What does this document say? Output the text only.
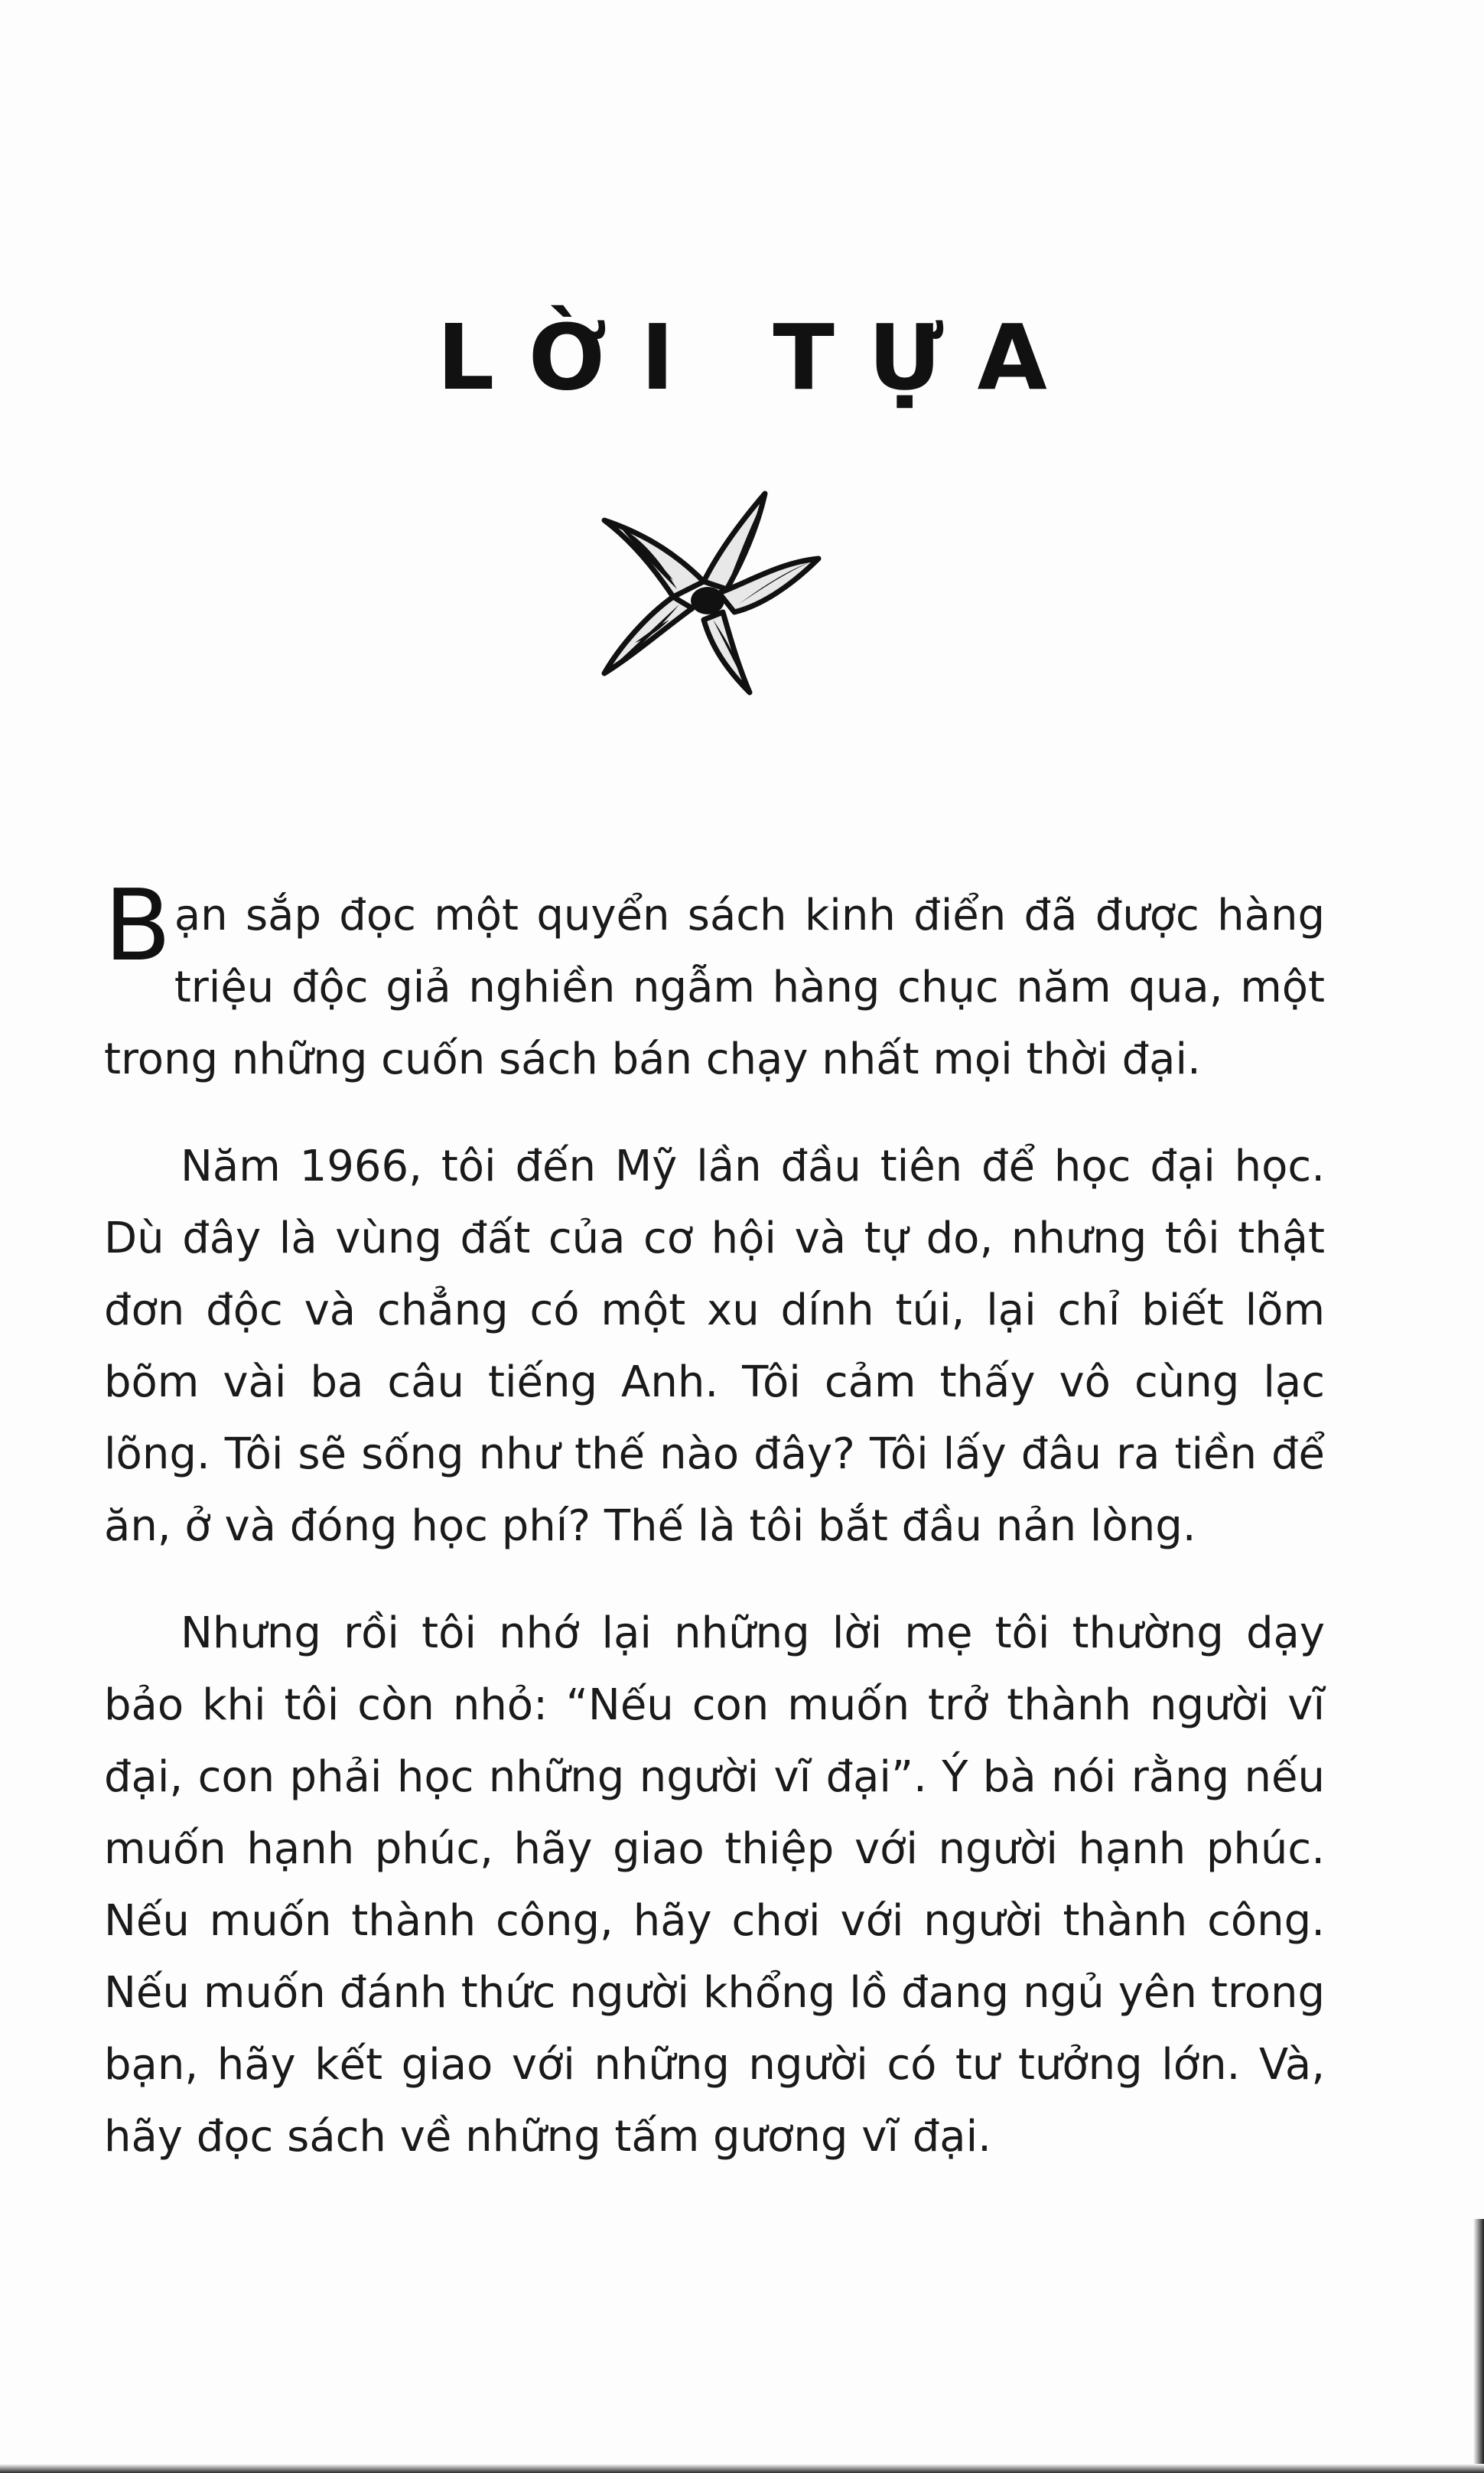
LỜI TỰA

Bạn sắp đọc một quyển sách kinh điển đã được hàng triệu độc giả nghiền ngẫm hàng chục năm qua, một trong những cuốn sách bán chạy nhất mọi thời đại.

Năm 1966, tôi đến Mỹ lần đầu tiên để học đại học. Dù đây là vùng đất của cơ hội và tự do, nhưng tôi thật đơn độc và chẳng có một xu dính túi, lại chỉ biết lõm bõm vài ba câu tiếng Anh. Tôi cảm thấy vô cùng lạc lõng. Tôi sẽ sống như thế nào đây? Tôi lấy đâu ra tiền để ăn, ở và đóng học phí? Thế là tôi bắt đầu nản lòng.

Nhưng rồi tôi nhớ lại những lời mẹ tôi thường dạy bảo khi tôi còn nhỏ: “Nếu con muốn trở thành người vĩ đại, con phải học những người vĩ đại”. Ý bà nói rằng nếu muốn hạnh phúc, hãy giao thiệp với người hạnh phúc. Nếu muốn thành công, hãy chơi với người thành công. Nếu muốn đánh thức người khổng lồ đang ngủ yên trong bạn, hãy kết giao với những người có tư tưởng lớn. Và, hãy đọc sách về những tấm gương vĩ đại.
